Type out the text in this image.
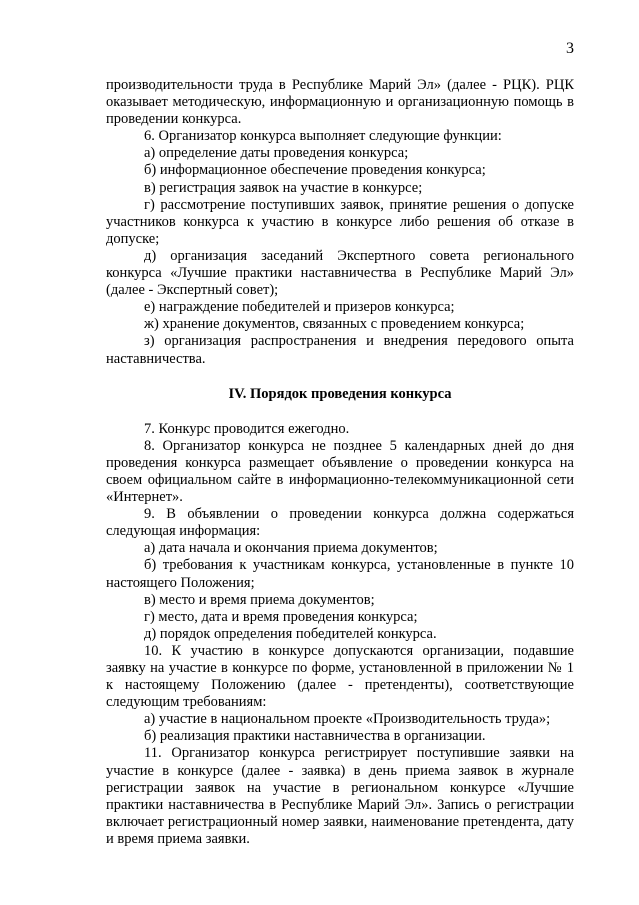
3

производительности труда в Республике Марий Эл» (далее - РЦК). РЦК оказывает методическую, информационную и организационную помощь в проведении конкурса.

6. Организатор конкурса выполняет следующие функции:

а) определение даты проведения конкурса;

б) информационное обеспечение проведения конкурса;

в) регистрация заявок на участие в конкурсе;

г) рассмотрение поступивших заявок, принятие решения о допуске участников конкурса к участию в конкурсе либо решения об отказе в допуске;

д) организация заседаний Экспертного совета регионального конкурса «Лучшие практики наставничества в Республике Марий Эл» (далее - Экспертный совет);

е) награждение победителей и призеров конкурса;

ж) хранение документов, связанных с проведением конкурса;

з) организация распространения и внедрения передового опыта наставничества.

IV. Порядок проведения конкурса

7. Конкурс проводится ежегодно.

8. Организатор конкурса не позднее 5 календарных дней до дня проведения конкурса размещает объявление о проведении конкурса на своем официальном сайте в информационно-телекоммуникационной сети «Интернет».

9. В объявлении о проведении конкурса должна содержаться следующая информация:

а) дата начала и окончания приема документов;

б) требования к участникам конкурса, установленные в пункте 10 настоящего Положения;

в) место и время приема документов;

г) место, дата и время проведения конкурса;

д) порядок определения победителей конкурса.

10. К участию в конкурсе допускаются организации, подавшие заявку на участие в конкурсе по форме, установленной в приложении № 1 к настоящему Положению (далее - претенденты), соответствующие следующим требованиям:

а) участие в национальном проекте «Производительность труда»;

б) реализация практики наставничества в организации.

11. Организатор конкурса регистрирует поступившие заявки на участие в конкурсе (далее - заявка) в день приема заявок в журнале регистрации заявок на участие в региональном конкурсе «Лучшие практики наставничества в Республике Марий Эл». Запись о регистрации включает регистрационный номер заявки, наименование претендента, дату и время приема заявки.
